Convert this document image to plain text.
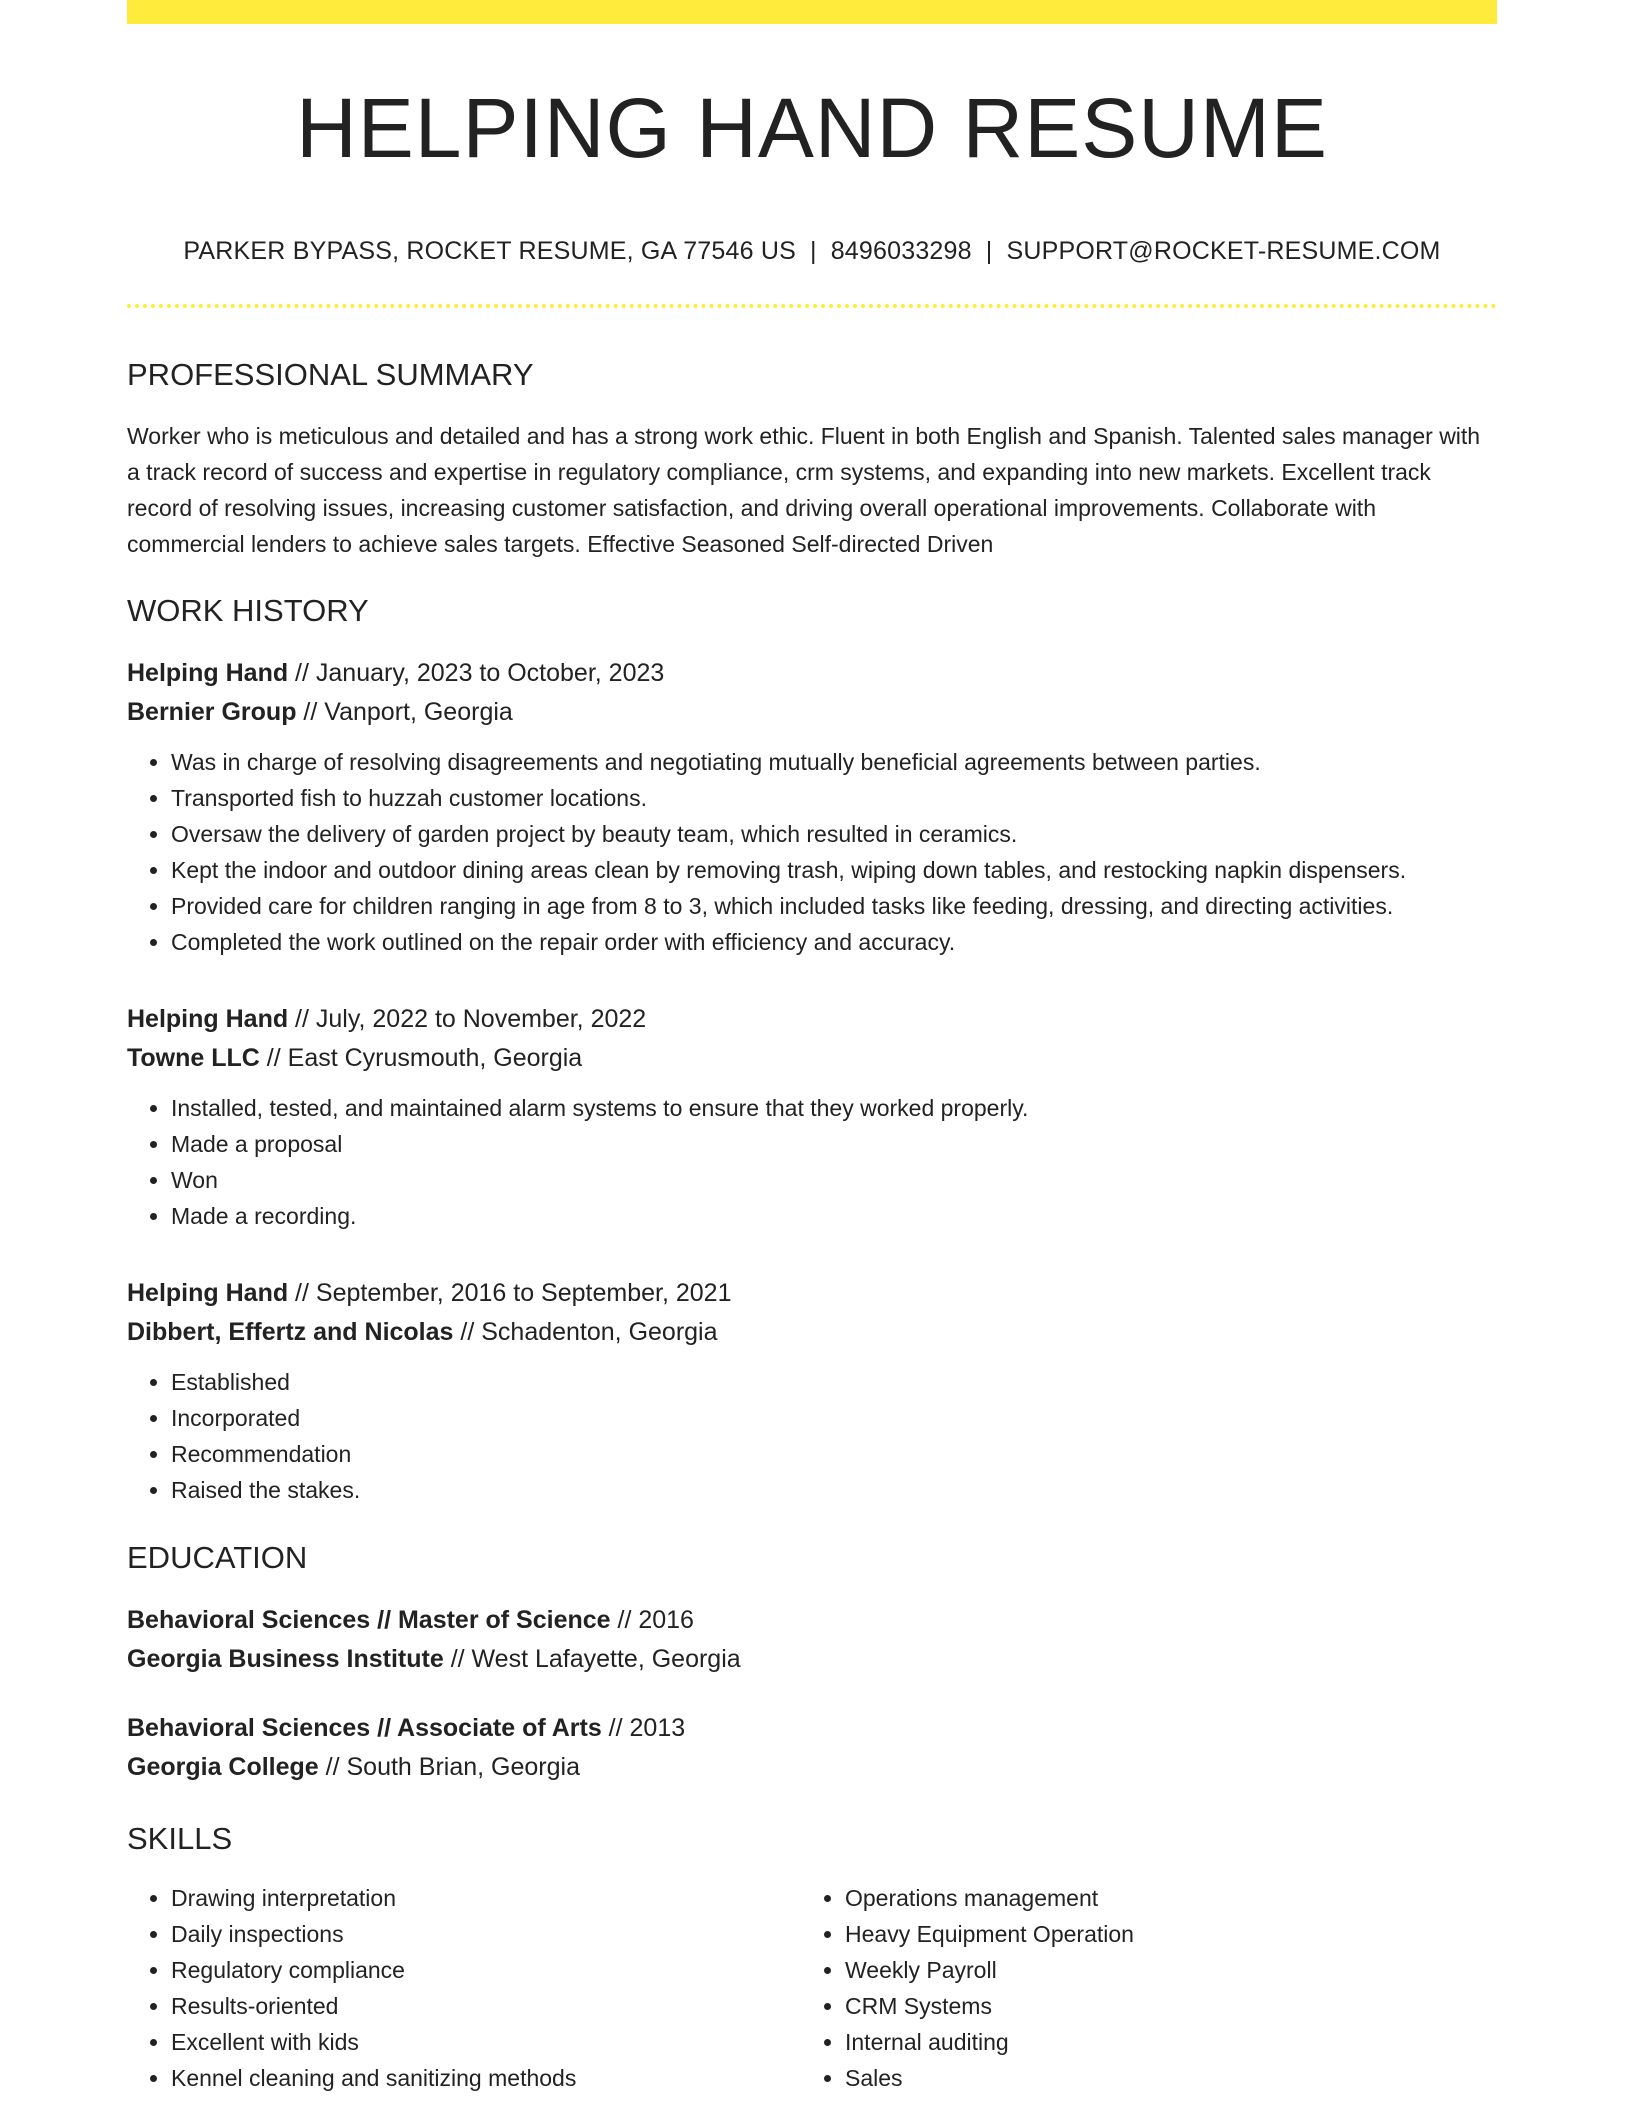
HELPING HAND RESUME
PARKER BYPASS, ROCKET RESUME, GA 77546 US | 8496033298 | SUPPORT@ROCKET-RESUME.COM
PROFESSIONAL SUMMARY
Worker who is meticulous and detailed and has a strong work ethic. Fluent in both English and Spanish. Talented sales manager with a track record of success and expertise in regulatory compliance, crm systems, and expanding into new markets. Excellent track record of resolving issues, increasing customer satisfaction, and driving overall operational improvements. Collaborate with commercial lenders to achieve sales targets. Effective Seasoned Self-directed Driven
WORK HISTORY
Helping Hand // January, 2023 to October, 2023
Bernier Group // Vanport, Georgia
• Was in charge of resolving disagreements and negotiating mutually beneficial agreements between parties.
• Transported fish to huzzah customer locations.
• Oversaw the delivery of garden project by beauty team, which resulted in ceramics.
• Kept the indoor and outdoor dining areas clean by removing trash, wiping down tables, and restocking napkin dispensers.
• Provided care for children ranging in age from 8 to 3, which included tasks like feeding, dressing, and directing activities.
• Completed the work outlined on the repair order with efficiency and accuracy.
Helping Hand // July, 2022 to November, 2022
Towne LLC // East Cyrusmouth, Georgia
• Installed, tested, and maintained alarm systems to ensure that they worked properly.
• Made a proposal
• Won
• Made a recording.
Helping Hand // September, 2016 to September, 2021
Dibbert, Effertz and Nicolas // Schadenton, Georgia
• Established
• Incorporated
• Recommendation
• Raised the stakes.
EDUCATION
Behavioral Sciences // Master of Science // 2016
Georgia Business Institute // West Lafayette, Georgia
Behavioral Sciences // Associate of Arts // 2013
Georgia College // South Brian, Georgia
SKILLS
• Drawing interpretation
• Daily inspections
• Regulatory compliance
• Results-oriented
• Excellent with kids
• Kennel cleaning and sanitizing methods
• Operations management
• Heavy Equipment Operation
• Weekly Payroll
• CRM Systems
• Internal auditing
• Sales
